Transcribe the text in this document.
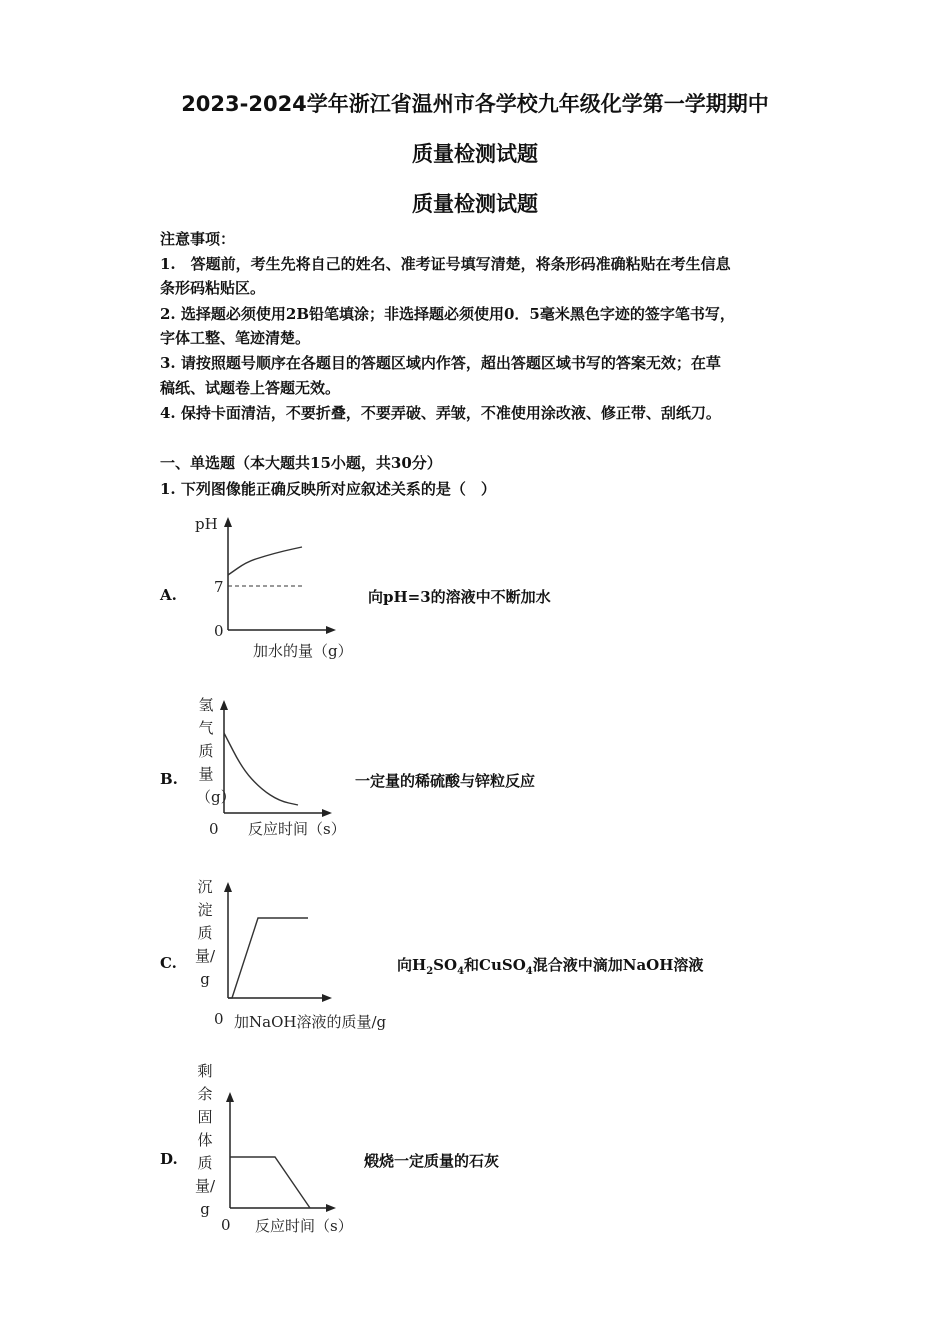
2023-2024学年浙江省温州市各学校九年级化学第一学期期中
质量检测试题
质量检测试题
注意事项：
1.　答题前，考生先将自己的姓名、准考证号填写清楚，将条形码准确粘贴在考生信息
条形码粘贴区。
2. 选择题必须使用2B铅笔填涂；非选择题必须使用0．5毫米黑色字迹的签字笔书写，
字体工整、笔迹清楚。
3. 请按照题号顺序在各题目的答题区域内作答，超出答题区域书写的答案无效；在草
稿纸、试题卷上答题无效。
4. 保持卡面清洁，不要折叠，不要弄破、弄皱，不准使用涂改液、修正带、刮纸刀。
一、单选题（本大题共15小题，共30分）
1. 下列图像能正确反映所对应叙述关系的是（　）
A.
pH
7
0
加水的量（g）
向pH=3的溶液中不断加水
B.
氢气质量（g）
0 反应时间（s）
一定量的稀硫酸与锌粒反应
C.
沉淀质量/g
0 加NaOH溶液的质量/g
向$H_2SO_4$和CuSO$_4$混合液中滴加NaOH溶液
D.
剩余固体质量/g
0 反应时间（s）
煅烧一定质量的石灰
